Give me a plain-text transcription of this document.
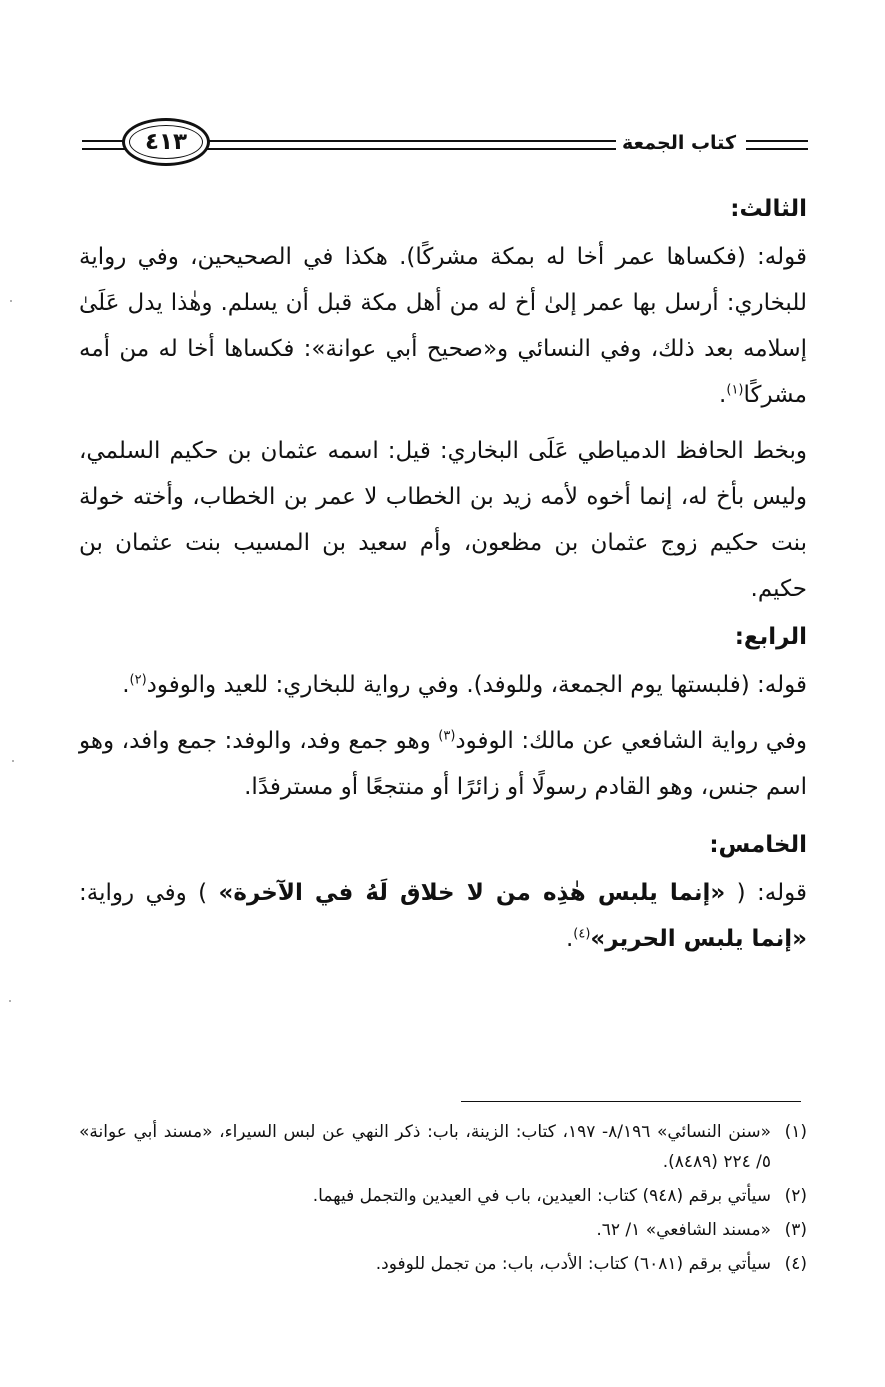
كتاب الجمعة
٤١٣

الثالث:

قوله: (فكساها عمر أخا له بمكة مشركًا). هكذا في الصحيحين، وفي رواية للبخاري: أرسل بها عمر إلىٰ أخ له من أهل مكة قبل أن يسلم. وهٰذا يدل عَلَىٰ إسلامه بعد ذلك، وفي النسائي و«صحيح أبي عوانة»: فكساها أخا له من أمه مشركًا$^{(١)}$.

وبخط الحافظ الدمياطي عَلَى البخاري: قيل: اسمه عثمان بن حكيم السلمي، وليس بأخ له، إنما أخوه لأمه زيد بن الخطاب لا عمر بن الخطاب، وأخته خولة بنت حكيم زوج عثمان بن مظعون، وأم سعيد بن المسيب بنت عثمان بن حكيم.

الرابع:

قوله: (فلبستها يوم الجمعة، وللوفد). وفي رواية للبخاري: للعيد والوفود$^{(٢)}$.

وفي رواية الشافعي عن مالك: الوفود$^{(٣)}$ وهو جمع وفد، والوفد: جمع وافد، وهو اسم جنس، وهو القادم رسولًا أو زائرًا أو منتجعًا أو مسترفدًا.

الخامس:

قوله: ( «إنما يلبس هٰذِه من لا خلاق لَهُ في الآخرة» ) وفي رواية: «إنما يلبس الحرير»$^{(٤)}$.

(١)
«سنن النسائي» ٨/١٩٦- ١٩٧، كتاب: الزينة، باب: ذكر النهي عن لبس السيراء، «مسند أبي عوانة» ٥/ ٢٢٤ (٨٤٨٩).
(٢)
سيأتي برقم (٩٤٨) كتاب: العيدين، باب في العيدين والتجمل فيهما.
(٣)
«مسند الشافعي» ١/ ٦٢.
(٤)
سيأتي برقم (٦٠٨١) كتاب: الأدب، باب: من تجمل للوفود.
